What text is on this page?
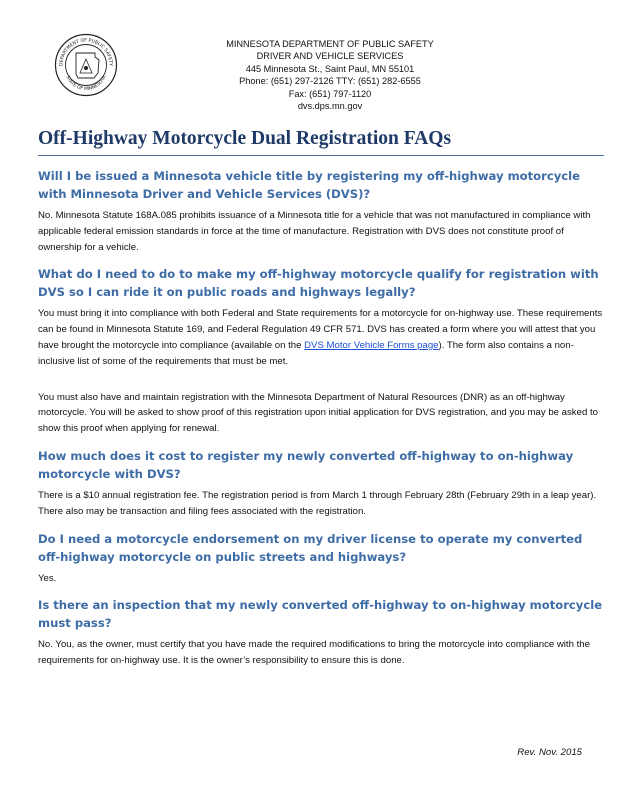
DEPARTMENT OF PUBLIC SAFETY
STATE OF MINNESOTA
MINNESOTA DEPARTMENT OF PUBLIC SAFETY
DRIVER AND VEHICLE SERVICES
445 Minnesota St., Saint Paul, MN 55101
Phone: (651) 297-2126 TTY: (651) 282-6555
Fax: (651) 797-1120
dvs.dps.mn.gov
Off-Highway Motorcycle Dual Registration FAQs

Will I be issued a Minnesota vehicle title by registering my off-highway motorcycle with Minnesota Driver and Vehicle Services (DVS)?

No. Minnesota Statute 168A.085 prohibits issuance of a Minnesota title for a vehicle that was not manufactured in compliance with applicable federal emission standards in force at the time of manufacture. Registration with DVS does not constitute proof of ownership for a vehicle.

What do I need to do to make my off-highway motorcycle qualify for registration with DVS so I can ride it on public roads and highways legally?

You must bring it into compliance with both Federal and State requirements for a motorcycle for on-highway use. These requirements can be found in Minnesota Statute 169, and Federal Regulation 49 CFR 571. DVS has created a form where you will attest that you have brought the motorcycle into compliance (available on the DVS Motor Vehicle Forms page). The form also contains a non-inclusive list of some of the requirements that must be met.

You must also have and maintain registration with the Minnesota Department of Natural Resources (DNR) as an off-highway motorcycle. You will be asked to show proof of this registration upon initial application for DVS registration, and you may be asked to show this proof when applying for renewal.

How much does it cost to register my newly converted off-highway to on-highway motorcycle with DVS?

There is a $10 annual registration fee. The registration period is from March 1 through February 28th (February 29th in a leap year). There also may be transaction and filing fees associated with the registration.

Do I need a motorcycle endorsement on my driver license to operate my converted off-highway motorcycle on public streets and highways?

Yes.

Is there an inspection that my newly converted off-highway to on-highway motorcycle must pass?

No. You, as the owner, must certify that you have made the required modifications to bring the motorcycle into compliance with the requirements for on-highway use. It is the owner’s responsibility to ensure this is done.

Rev. Nov. 2015
